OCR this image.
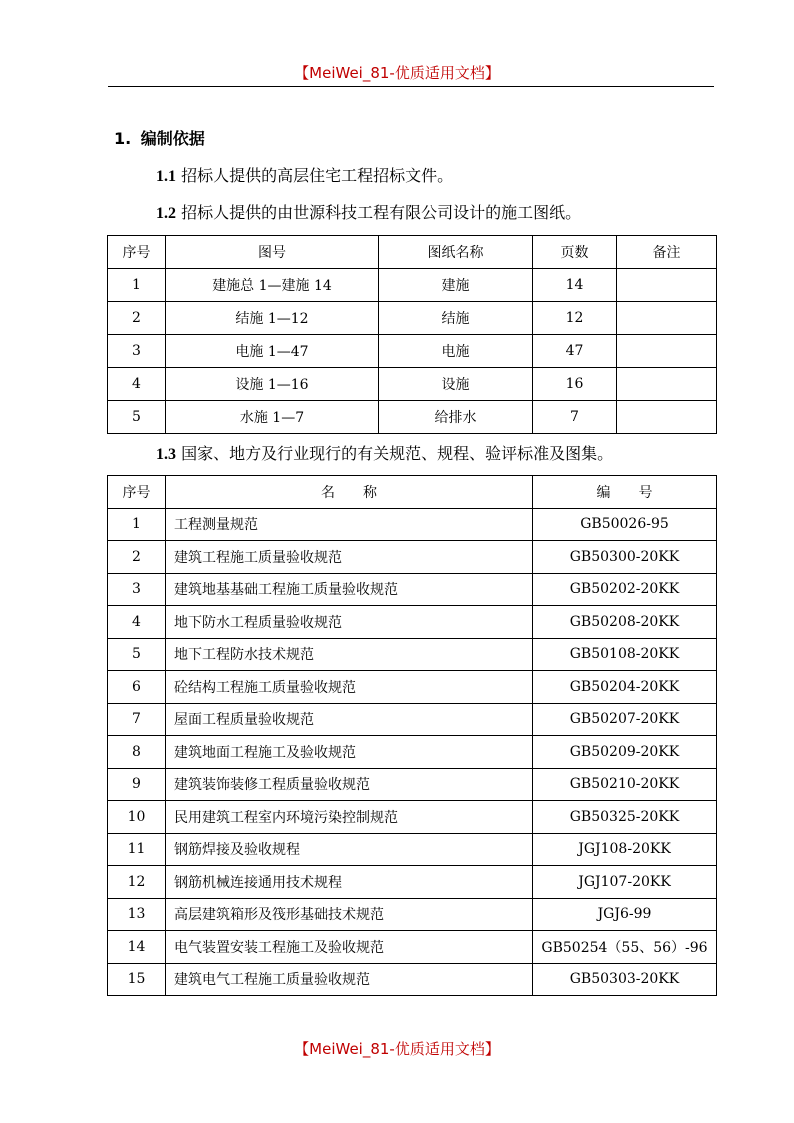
【MeiWei_81-优质适用文档】
1. 编制依据
1.1 招标人提供的高层住宅工程招标文件。
1.2 招标人提供的由世源科技工程有限公司设计的施工图纸。
序号	图号	图纸名称	页数	备注
1	建施总 1—建施 14	建施	14	
2	结施 1—12	结施	12	
3	电施 1—47	电施	47	
4	设施 1—16	设施	16	
5	水施 1—7	给排水	7	
1.3 国家、地方及行业现行的有关规范、规程、验评标准及图集。
序号	名　　称	编　　号
1	工程测量规范	GB50026-95
2	建筑工程施工质量验收规范	GB50300-20KK
3	建筑地基基础工程施工质量验收规范	GB50202-20KK
4	地下防水工程质量验收规范	GB50208-20KK
5	地下工程防水技术规范	GB50108-20KK
6	砼结构工程施工质量验收规范	GB50204-20KK
7	屋面工程质量验收规范	GB50207-20KK
8	建筑地面工程施工及验收规范	GB50209-20KK
9	建筑装饰装修工程质量验收规范	GB50210-20KK
10	民用建筑工程室内环境污染控制规范	GB50325-20KK
11	钢筋焊接及验收规程	JGJ108-20KK
12	钢筋机械连接通用技术规程	JGJ107-20KK
13	高层建筑箱形及筏形基础技术规范	JGJ6-99
14	电气装置安装工程施工及验收规范	GB50254（55、56）-96
15	建筑电气工程施工质量验收规范	GB50303-20KK
【MeiWei_81-优质适用文档】
